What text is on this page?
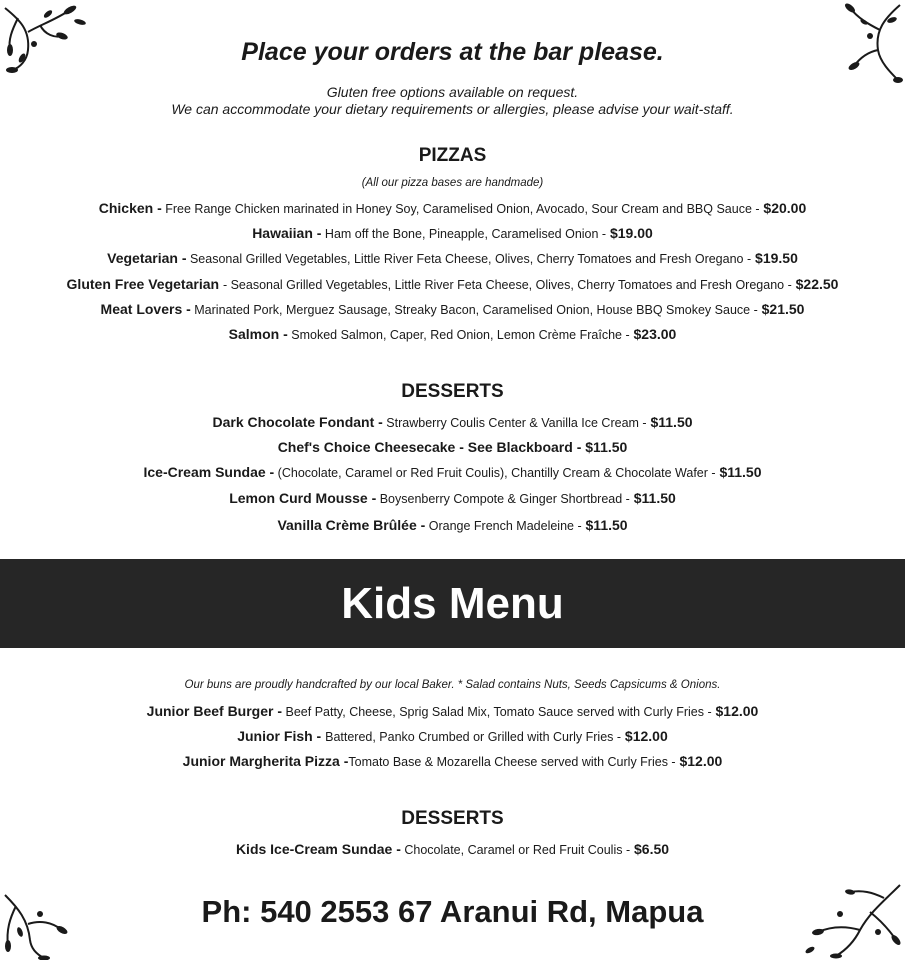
Place your orders at the bar please.
Gluten free options available on request.
We can accommodate your dietary requirements or allergies, please advise your wait-staff.
PIZZAS
(All our pizza bases are handmade)
Chicken - Free Range Chicken marinated in Honey Soy, Caramelised Onion, Avocado, Sour Cream and BBQ Sauce - $20.00
Hawaiian - Ham off the Bone, Pineapple, Caramelised Onion - $19.00
Vegetarian - Seasonal Grilled Vegetables, Little River Feta Cheese, Olives, Cherry Tomatoes and Fresh Oregano - $19.50
Gluten Free Vegetarian - Seasonal Grilled Vegetables, Little River Feta Cheese, Olives, Cherry Tomatoes and Fresh Oregano - $22.50
Meat Lovers - Marinated Pork, Merguez Sausage, Streaky Bacon, Caramelised Onion, House BBQ Smokey Sauce - $21.50
Salmon - Smoked Salmon, Caper, Red Onion, Lemon Crème Fraîche - $23.00
DESSERTS
Dark Chocolate Fondant - Strawberry Coulis Center & Vanilla Ice Cream - $11.50
Chef's Choice Cheesecake - See Blackboard - $11.50
Ice-Cream Sundae - (Chocolate, Caramel or Red Fruit Coulis), Chantilly Cream & Chocolate Wafer - $11.50
Lemon Curd Mousse - Boysenberry Compote & Ginger Shortbread - $11.50
Vanilla Crème Brûlée - Orange French Madeleine - $11.50
Kids Menu
Our buns are proudly handcrafted by our local Baker. * Salad contains Nuts, Seeds Capsicums & Onions.
Junior Beef Burger - Beef Patty, Cheese, Sprig Salad Mix, Tomato Sauce served with Curly Fries - $12.00
Junior Fish - Battered, Panko Crumbed or Grilled with Curly Fries - $12.00
Junior Margherita Pizza -Tomato Base & Mozarella Cheese served with Curly Fries - $12.00
DESSERTS
Kids Ice-Cream Sundae - Chocolate, Caramel or Red Fruit Coulis - $6.50
Ph: 540 2553 67 Aranui Rd, Mapua
